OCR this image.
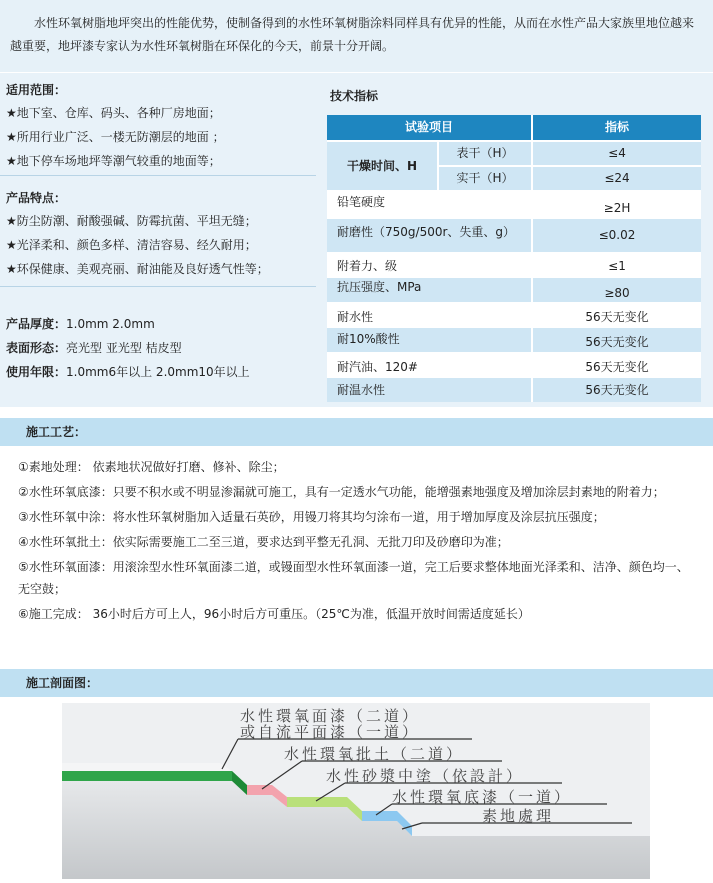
水性环氧树脂地坪突出的性能优势，使制备得到的水性环氧树脂涂料同样具有优异的性能，从而在水性产品大家族里地位越来越重要，地坪漆专家认为水性环氧树脂在环保化的今天，前景十分开阔。
适用范围：
★地下室、仓库、码头、各种厂房地面；
★所用行业广泛、一楼无防潮层的地面 ；
★地下停车场地坪等潮气较重的地面等；
产品特点：
★防尘防潮、耐酸强碱、防霉抗菌、平坦无缝；
★光泽柔和、颜色多样、清洁容易、经久耐用；
★环保健康、美观亮丽、耐油能及良好透气性等；
产品厚度：1.0mm 2.0mm
表面形态：亮光型 亚光型 桔皮型
使用年限：1.0mm6年以上 2.0mm10年以上
技术指标
试验项目	指标
干燥时间、H
表干（H）	≤4
实干（H）	≤24
铅笔硬度	≥2H
耐磨性（750g/500r、失重、g）	≤0.02
附着力、级	≤1
抗压强度、MPa	≥80
耐水性	56天无变化
耐10%酸性	56天无变化
耐汽油、120#	56天无变化
耐温水性	56天无变化
施工工艺：
①素地处理： 依素地状况做好打磨、修补、除尘；
②水性环氧底漆：只要不积水或不明显渗漏就可施工，具有一定透水气功能，能增强素地强度及增加涂层封素地的附着力；
③水性环氧中涂：将水性环氧树脂加入适量石英砂，用镘刀将其均匀涂布一道，用于增加厚度及涂层抗压强度；
④水性环氧批土：依实际需要施工二至三道，要求达到平整无孔洞、无批刀印及砂磨印为准；
⑤水性环氧面漆：用滚涂型水性环氧面漆二道，或镘面型水性环氧面漆一道，完工后要求整体地面光泽柔和、洁净、颜色均一、无空鼓；
⑥施工完成： 36小时后方可上人，96小时后方可重压。（25℃为准，低温开放时间需适度延长）
施工剖面图：
水性環氧面漆（二道）
或自流平面漆（一道）
水性環氧批土（二道）
水性砂漿中塗（依設計）
水性環氧底漆（一道）
素地處理
